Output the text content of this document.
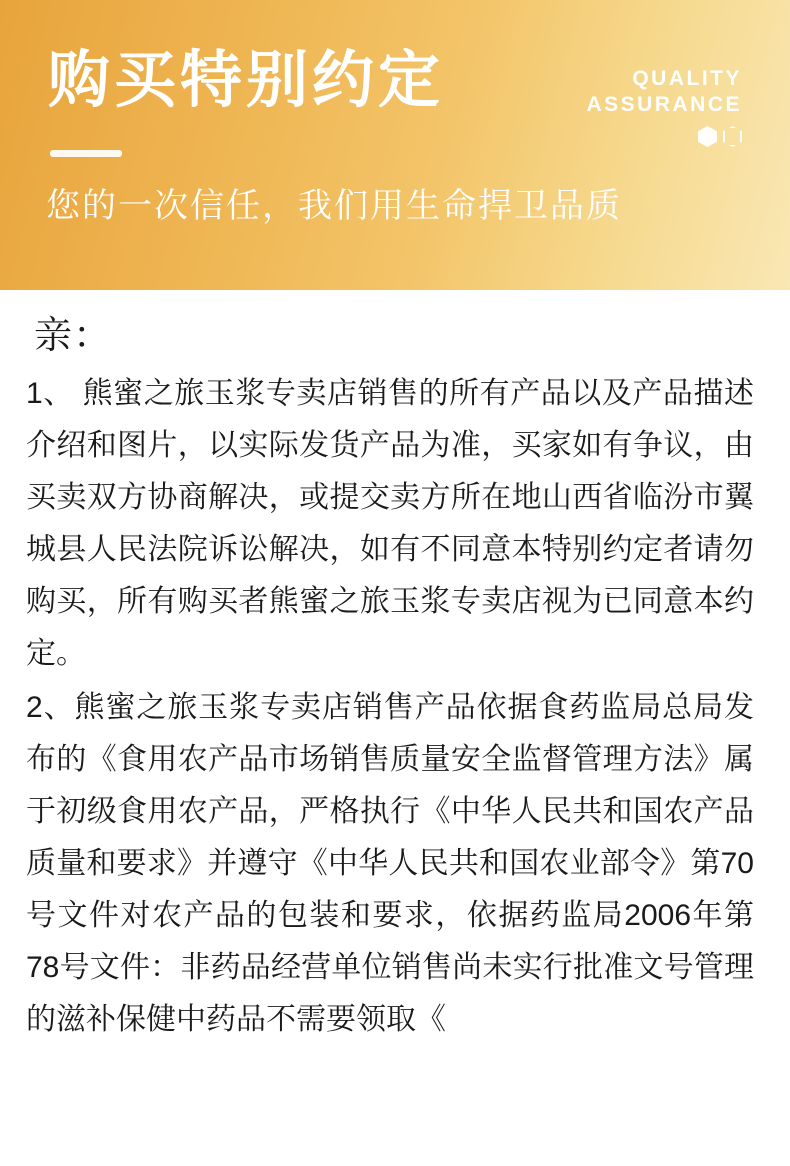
购买特别约定
您的一次信任，我们用生命捍卫品质
QUALITY
ASSURANCE
亲：

1、 熊蜜之旅玉浆专卖店销售的所有产品以及产品描述介绍和图片，以实际发货产品为准，买家如有争议，由买卖双方协商解决，或提交卖方所在地山西省临汾市翼城县人民法院诉讼解决，如有不同意本特别约定者请勿购买，所有购买者熊蜜之旅玉浆专卖店视为已同意本约定。

2、熊蜜之旅玉浆专卖店销售产品依据食药监局总局发布的《食用农产品市场销售质量安全监督管理方法》属于初级食用农产品，严格执行《中华人民共和国农产品质量和要求》并遵守《中华人民共和国农业部令》第70号文件对农产品的包装和要求，依据药监局2006年第78号文件：非药品经营单位销售尚未实行批准文号管理的滋补保健中药品不需要领取《
